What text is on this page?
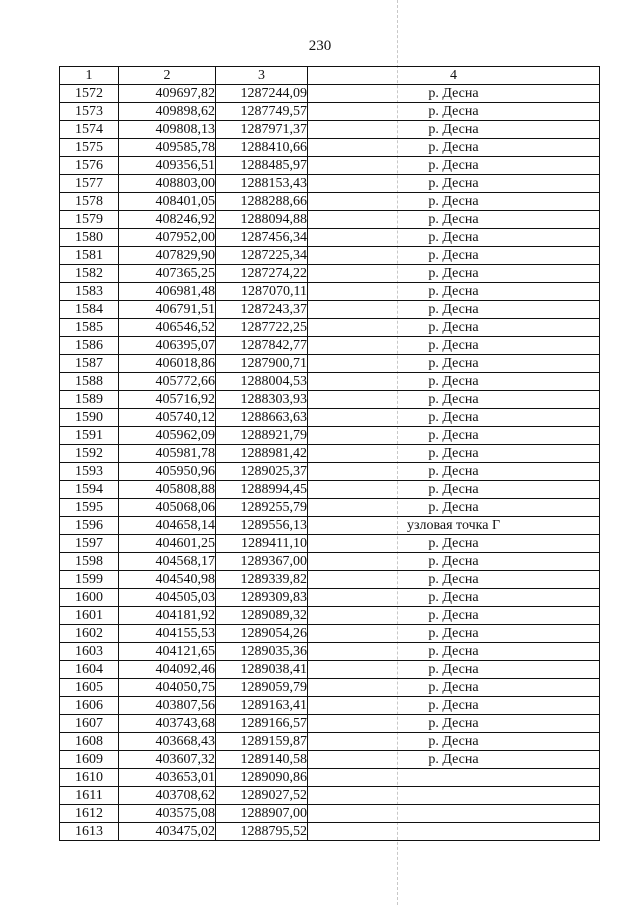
230
1	2	3	4
1572	409697,82	1287244,09	р. Десна
1573	409898,62	1287749,57	р. Десна
1574	409808,13	1287971,37	р. Десна
1575	409585,78	1288410,66	р. Десна
1576	409356,51	1288485,97	р. Десна
1577	408803,00	1288153,43	р. Десна
1578	408401,05	1288288,66	р. Десна
1579	408246,92	1288094,88	р. Десна
1580	407952,00	1287456,34	р. Десна
1581	407829,90	1287225,34	р. Десна
1582	407365,25	1287274,22	р. Десна
1583	406981,48	1287070,11	р. Десна
1584	406791,51	1287243,37	р. Десна
1585	406546,52	1287722,25	р. Десна
1586	406395,07	1287842,77	р. Десна
1587	406018,86	1287900,71	р. Десна
1588	405772,66	1288004,53	р. Десна
1589	405716,92	1288303,93	р. Десна
1590	405740,12	1288663,63	р. Десна
1591	405962,09	1288921,79	р. Десна
1592	405981,78	1288981,42	р. Десна
1593	405950,96	1289025,37	р. Десна
1594	405808,88	1288994,45	р. Десна
1595	405068,06	1289255,79	р. Десна
1596	404658,14	1289556,13	узловая точка Г
1597	404601,25	1289411,10	р. Десна
1598	404568,17	1289367,00	р. Десна
1599	404540,98	1289339,82	р. Десна
1600	404505,03	1289309,83	р. Десна
1601	404181,92	1289089,32	р. Десна
1602	404155,53	1289054,26	р. Десна
1603	404121,65	1289035,36	р. Десна
1604	404092,46	1289038,41	р. Десна
1605	404050,75	1289059,79	р. Десна
1606	403807,56	1289163,41	р. Десна
1607	403743,68	1289166,57	р. Десна
1608	403668,43	1289159,87	р. Десна
1609	403607,32	1289140,58	р. Десна
1610	403653,01	1289090,86	
1611	403708,62	1289027,52	
1612	403575,08	1288907,00	
1613	403475,02	1288795,52	
